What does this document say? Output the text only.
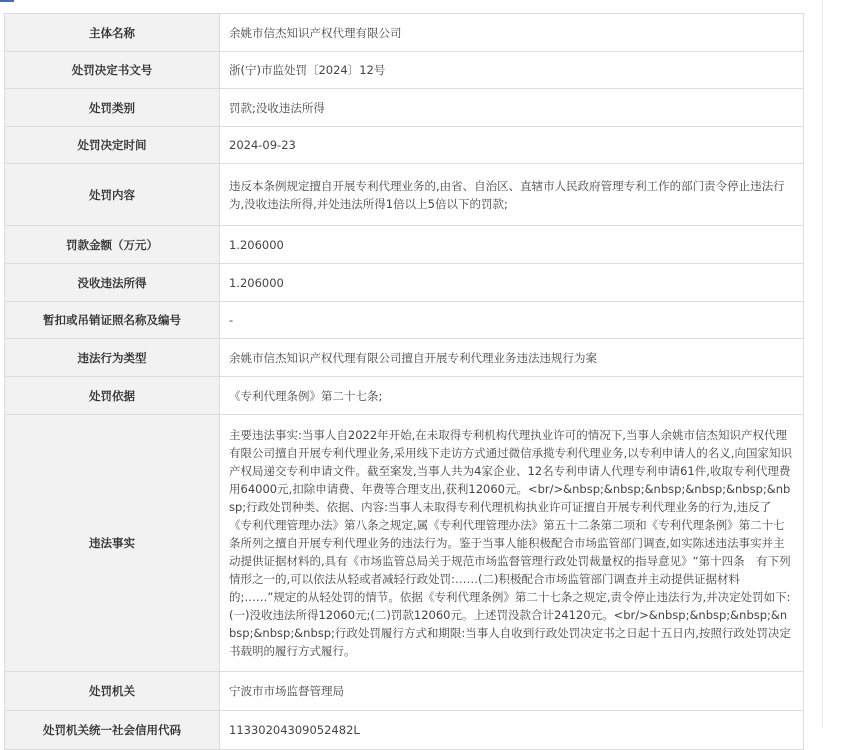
主体名称	余姚市信杰知识产权代理有限公司
处罚决定书文号	浙(宁)市监处罚〔2024〕12号
处罚类别	罚款;没收违法所得
处罚决定时间	2024-09-23
处罚内容	违反本条例规定擅自开展专利代理业务的,由省、自治区、直辖市人民政府管理专利工作的部门责令停止违法行为,没收违法所得,并处违法所得1倍以上5倍以下的罚款;
罚款金额（万元）	1.206000
没收违法所得	1.206000
暂扣或吊销证照名称及编号	-
违法行为类型	余姚市信杰知识产权代理有限公司擅自开展专利代理业务违法违规行为案
处罚依据	《专利代理条例》第二十七条;
违法事实	主要违法事实:当事人自2022年开始,在未取得专利机构代理执业许可的情况下,当事人余姚市信杰知识产权代理有限公司擅自开展专利代理业务,采用线下走访方式通过微信承揽专利代理业务,以专利申请人的名义,向国家知识产权局递交专利申请文件。截至案发,当事人共为4家企业、12名专利申请人代理专利申请61件,收取专利代理费用64000元,扣除申请费、年费等合理支出,获利12060元。<br/>&nbsp;&nbsp;&nbsp;&nbsp;&nbsp;&nbsp;行政处罚种类、依据、内容:当事人未取得专利代理机构执业许可证擅自开展专利代理业务的行为,违反了《专利代理管理办法》第八条之规定,属《专利代理管理办法》第五十二条第二项和《专利代理条例》第二十七条所列之擅自开展专利代理业务的违法行为。鉴于当事人能积极配合市场监管部门调查,如实陈述违法事实并主动提供证据材料的,具有《市场监管总局关于规范市场监督管理行政处罚裁量权的指导意见》“第十四条　有下列情形之一的,可以依法从轻或者减轻行政处罚:……(二)积极配合市场监管部门调查并主动提供证据材料的;……”规定的从轻处罚的情节。依据《专利代理条例》第二十七条之规定,责令停止违法行为,并决定处罚如下:(一)没收违法所得12060元;(二)罚款12060元。上述罚没款合计24120元。<br/>&nbsp;&nbsp;&nbsp;&nbsp;&nbsp;&nbsp;行政处罚履行方式和期限:当事人自收到行政处罚决定书之日起十五日内,按照行政处罚决定书载明的履行方式履行。
处罚机关	宁波市市场监督管理局
处罚机关统一社会信用代码	11330204309052482L
